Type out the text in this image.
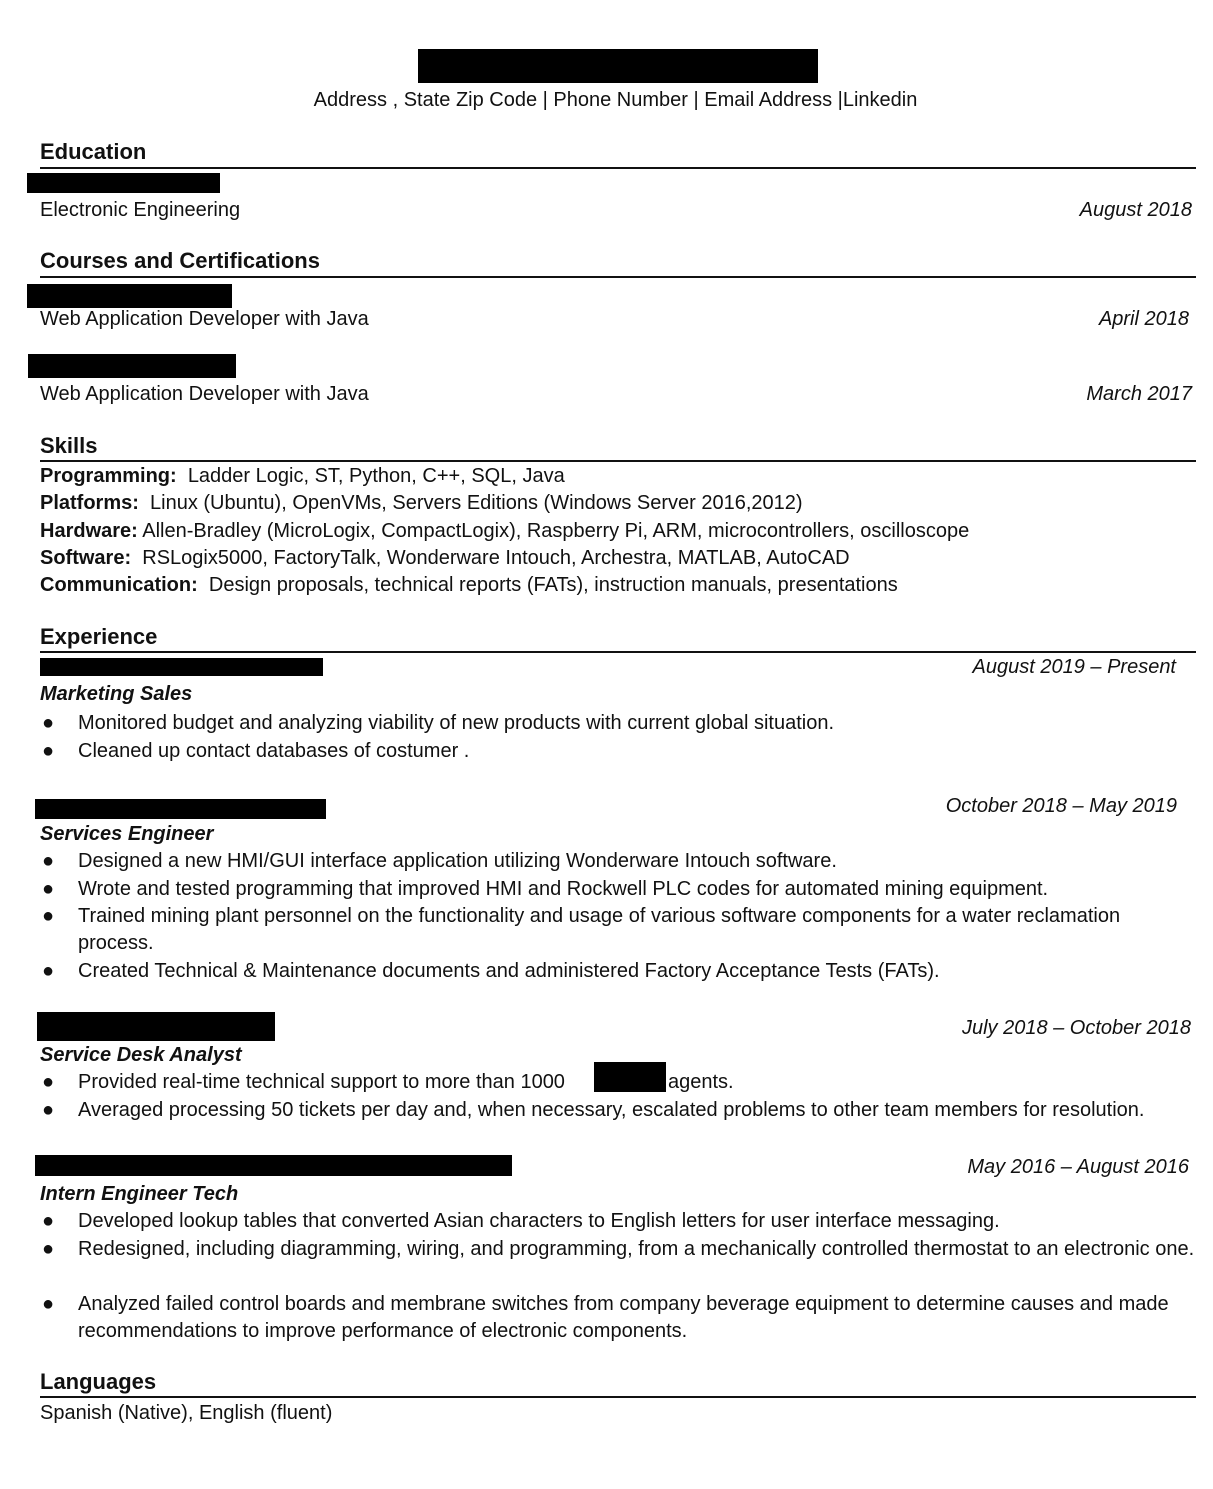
Address , State Zip Code | Phone Number | Email Address |Linkedin
Education
Electronic Engineering	August 2018
Courses and Certifications
Web Application Developer with Java	April 2018
Web Application Developer with Java	March 2017
Skills
Programming: Ladder Logic, ST, Python, C++, SQL, Java
Platforms: Linux (Ubuntu), OpenVMs, Servers Editions (Windows Server 2016,2012)
Hardware: Allen-Bradley (MicroLogix, CompactLogix), Raspberry Pi, ARM, microcontrollers, oscilloscope
Software: RSLogix5000, FactoryTalk, Wonderware Intouch, Archestra, MATLAB, AutoCAD
Communication: Design proposals, technical reports (FATs), instruction manuals, presentations
Experience
August 2019 – Present
Marketing Sales
● Monitored budget and analyzing viability of new products with current global situation.
● Cleaned up contact databases of costumer .
October 2018 – May 2019
Services Engineer
● Designed a new HMI/GUI interface application utilizing Wonderware Intouch software.
● Wrote and tested programming that improved HMI and Rockwell PLC codes for automated mining equipment.
● Trained mining plant personnel on the functionality and usage of various software components for a water reclamation process.
● Created Technical & Maintenance documents and administered Factory Acceptance Tests (FATs).
July 2018 – October 2018
Service Desk Analyst
● Provided real-time technical support to more than 1000	agents.
● Averaged processing 50 tickets per day and, when necessary, escalated problems to other team members for resolution.
May 2016 – August 2016
Intern Engineer Tech
● Developed lookup tables that converted Asian characters to English letters for user interface messaging.
● Redesigned, including diagramming, wiring, and programming, from a mechanically controlled thermostat to an electronic one.
● Analyzed failed control boards and membrane switches from company beverage equipment to determine causes and made recommendations to improve performance of electronic components.
Languages
Spanish (Native), English (fluent)
